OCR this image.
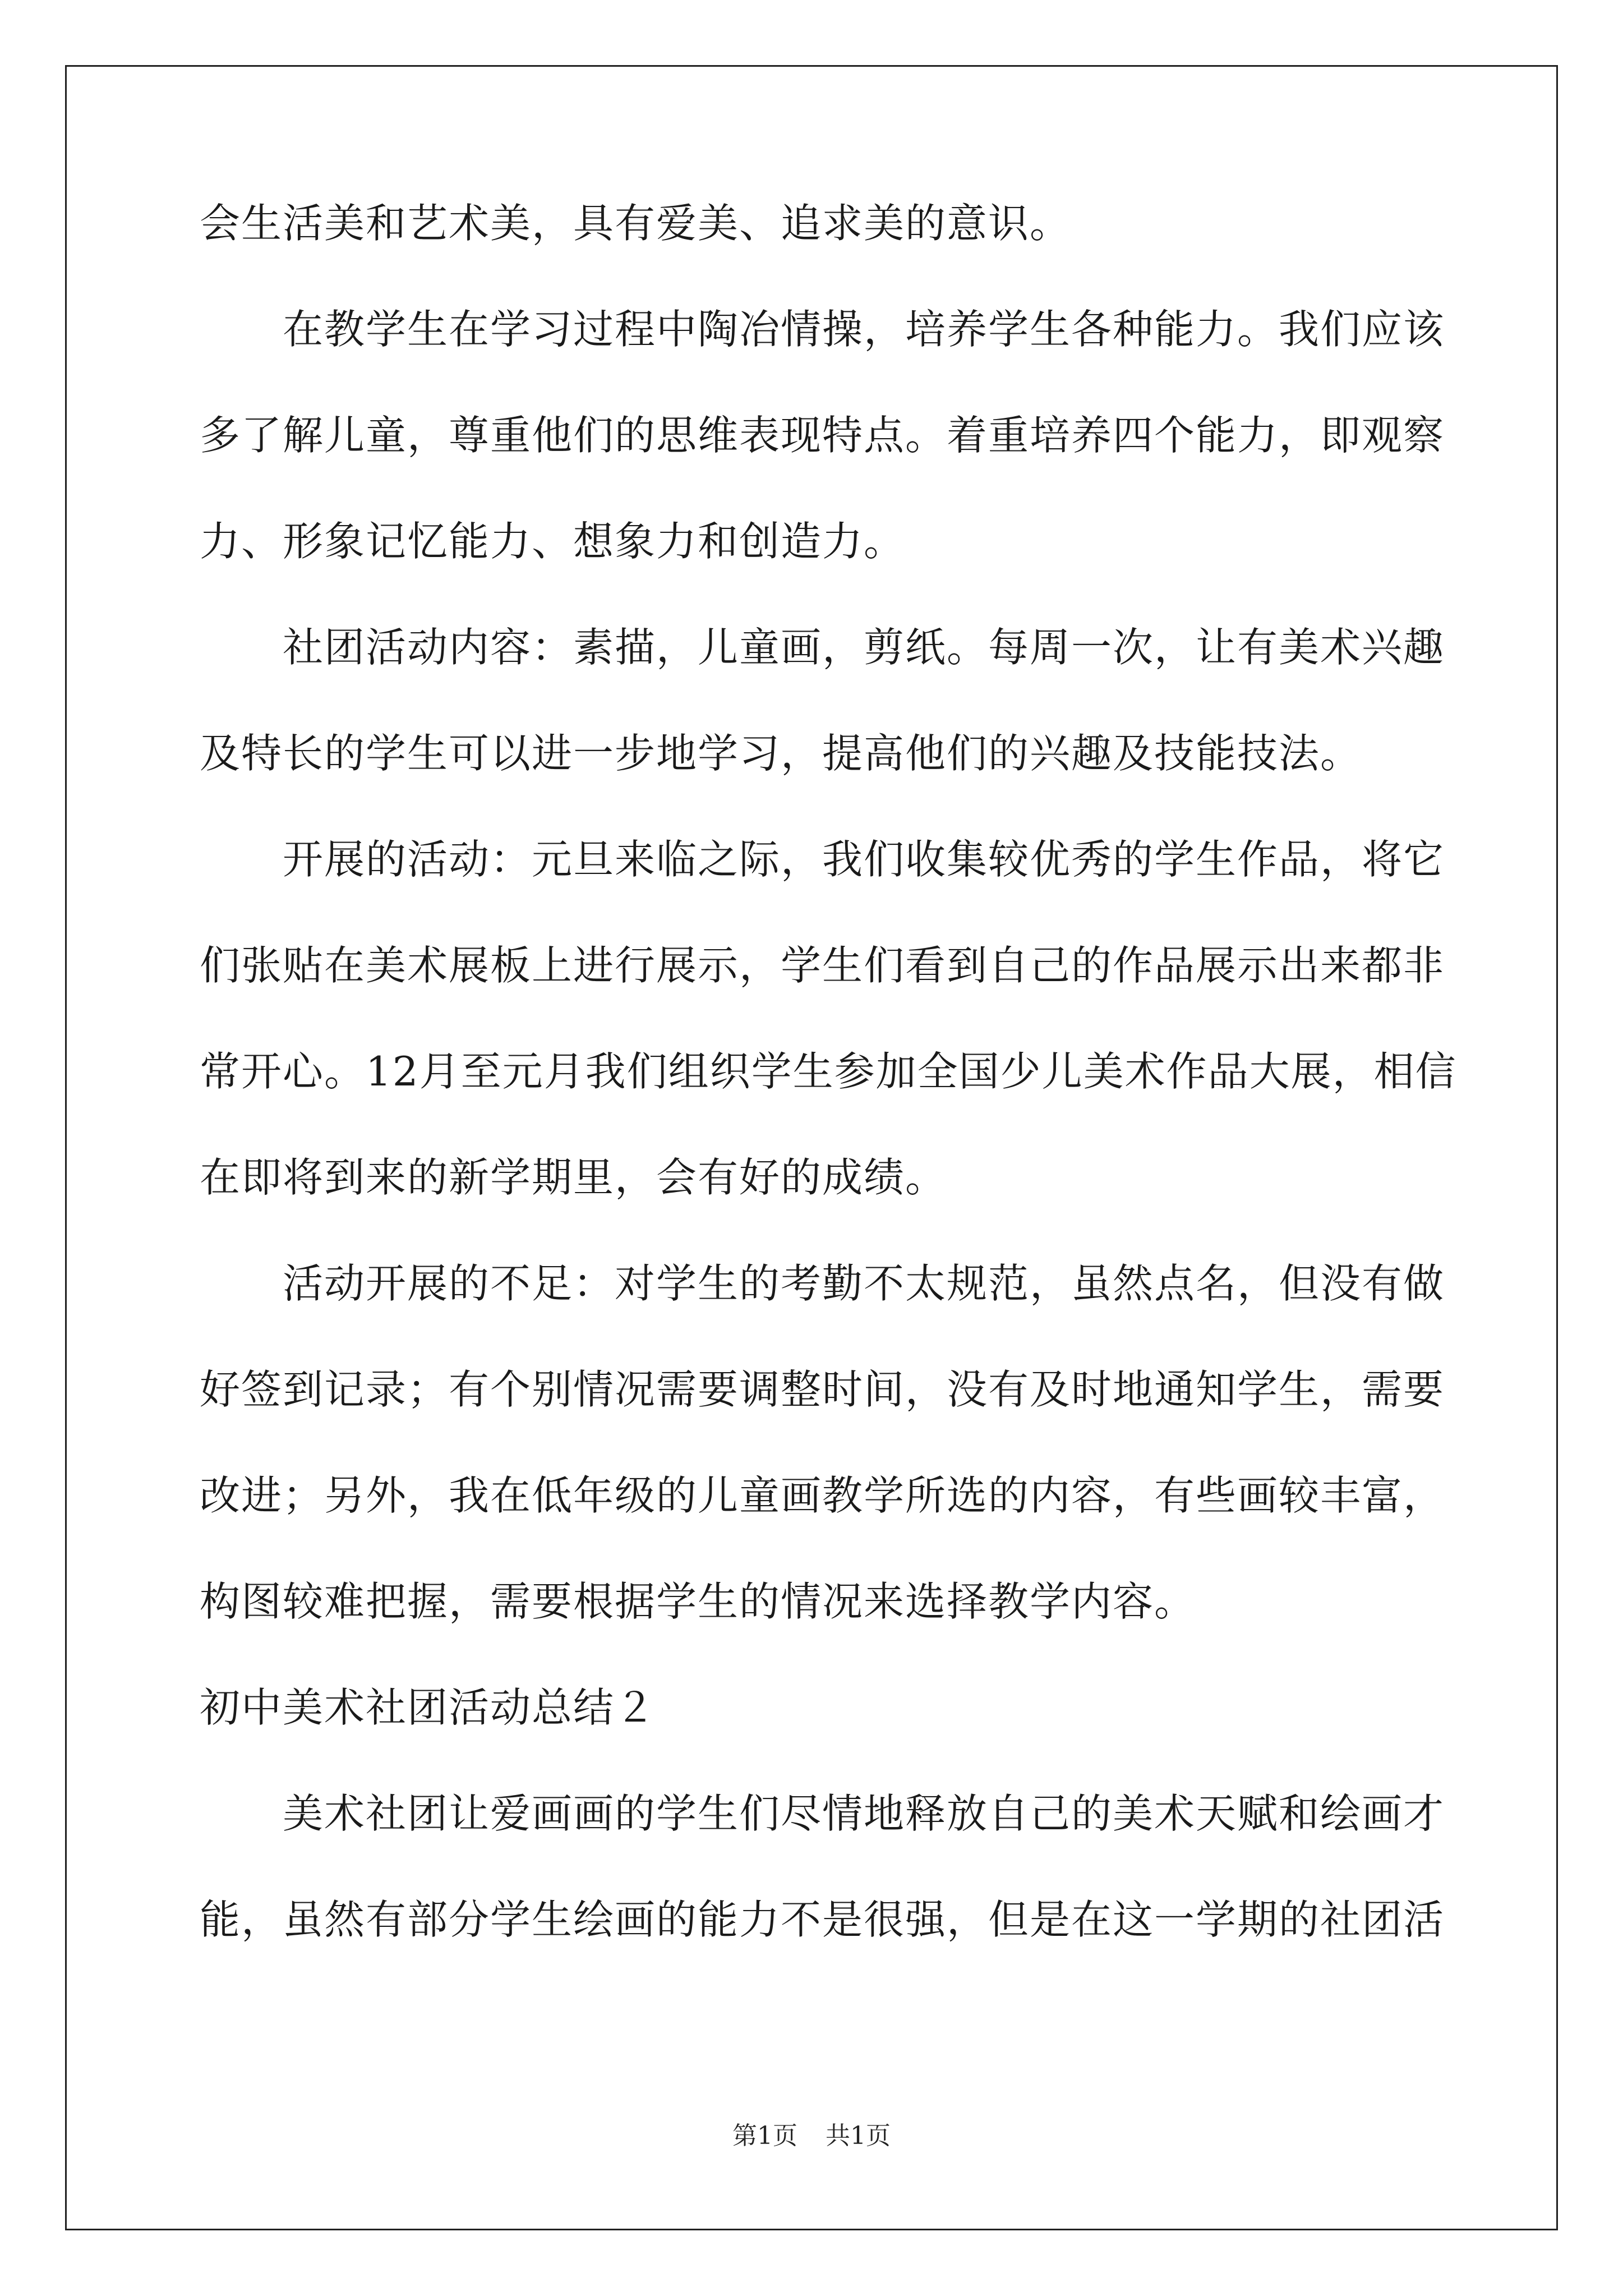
会生活美和艺术美，具有爱美、追求美的意识。
在教学生在学习过程中陶冶情操，培养学生各种能力。我们应该
多了解儿童，尊重他们的思维表现特点。着重培养四个能力，即观察
力、形象记忆能力、想象力和创造力。
社团活动内容：素描，儿童画，剪纸。每周一次，让有美术兴趣
及特长的学生可以进一步地学习，提高他们的兴趣及技能技法。
开展的活动：元旦来临之际，我们收集较优秀的学生作品，将它
们张贴在美术展板上进行展示，学生们看到自己的作品展示出来都非
常开心。12月至元月我们组织学生参加全国少儿美术作品大展，相信
在即将到来的新学期里，会有好的成绩。
活动开展的不足：对学生的考勤不太规范，虽然点名，但没有做
好签到记录；有个别情况需要调整时间，没有及时地通知学生，需要
改进；另外，我在低年级的儿童画教学所选的内容，有些画较丰富，
构图较难把握，需要根据学生的情况来选择教学内容。
初中美术社团活动总结２
美术社团让爱画画的学生们尽情地释放自己的美术天赋和绘画才
能，虽然有部分学生绘画的能力不是很强，但是在这一学期的社团活
第1页 共1页
